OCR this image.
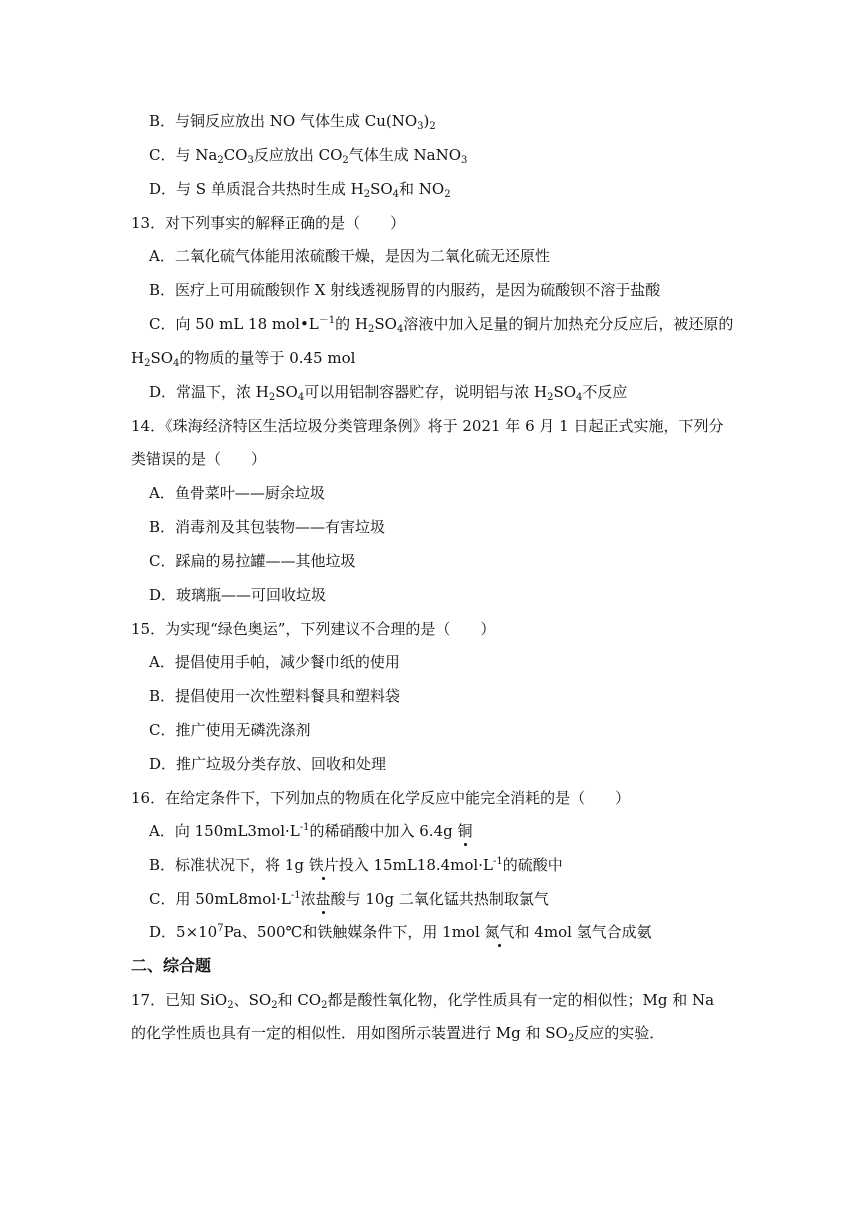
B．与铜反应放出 NO 气体生成 $Cu(NO_3)_2$
C．与 $Na_2CO_3$反应放出 $CO_2$气体生成 NaNO$_3$
D．与 S 单质混合共热时生成 $H_2SO_4$和 $NO_2$
13．对下列事实的解释正确的是（　　）
A．二氧化硫气体能用浓硫酸干燥，是因为二氧化硫无还原性
B．医疗上可用硫酸钡作 X 射线透视肠胃的内服药，是因为硫酸钡不溶于盐酸
C．向 50 mL 18 $mol•L^{-1}$的 $H_2SO_4$溶液中加入足量的铜片加热充分反应后，被还原的
$H_2SO_4$的物质的量等于 0.45 mol
D．常温下，浓 $H_2SO_4$可以用铝制容器贮存，说明铝与浓 $H_2SO_4$不反应
14．《珠海经济特区生活垃圾分类管理条例》将于 2021 年 6 月 1 日起正式实施，下列分
类错误的是（　　）
A．鱼骨菜叶——厨余垃圾
B．消毒剂及其包装物——有害垃圾
C．踩扁的易拉罐——其他垃圾
D．玻璃瓶——可回收垃圾
15．为实现“绿色奥运”，下列建议不合理的是（　　）
A．提倡使用手帕，减少餐巾纸的使用
B．提倡使用一次性塑料餐具和塑料袋
C．推广使用无磷洗涤剂
D．推广垃圾分类存放、回收和处理
16．在给定条件下，下列加点的物质在化学反应中能完全消耗的是（　　）
A．向 $150mL3mol\cdot L^{-1}$的稀硝酸中加入 6.4g 铜
B．标准状况下，将 1g 铁片投入 $15mL18.4mol\cdot L^{-1}$的硫酸中
C．用 $50mL8mol\cdot L^{-1}$浓盐酸与 10g 二氧化锰共热制取氯气
D．$5\times 10^7Pa$、500℃和铁触媒条件下，用 1mol 氮气和 4mol 氢气合成氨
二、综合题
17．已知 SiO$_2$、$SO_2$和 $CO_2$都是酸性氧化物，化学性质具有一定的相似性；Mg 和 Na
的化学性质也具有一定的相似性．用如图所示装置进行 Mg 和 $SO_2$反应的实验．
